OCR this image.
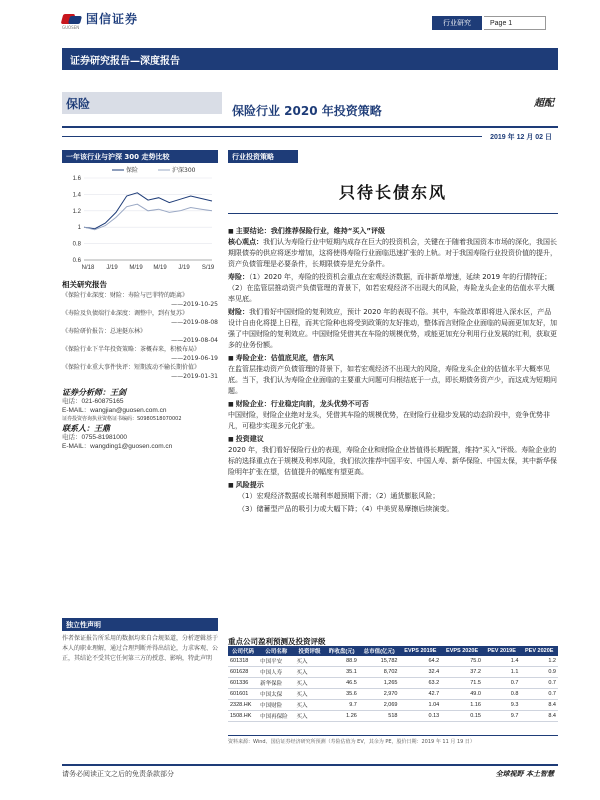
国信证券
GUOSEN
行业研究	Page 1
证券研究报告—深度报告
保险
保险行业 2020 年投资策略
超配
2019 年 12 月 02 日
一年该行业与沪深 300 走势比较
0.6
0.8
1
1.2
1.4
1.6
N/18 J/19 M/19 M/19 J/19 S/19
保险	沪深300
相关研究报告
《保险行业深度：财险：寿险与巴菲特的距离》
——2019-10-25
《寿险及负债端行业深度：调整中，到有复苏》
——2019-08-08
《寿险研价报告：总速挺东林》
——2019-08-04
《保险行业下半年投资策略：茶概春来，积极布局》
——2019-06-19
《保险行业重大事件快评：短期波动不输长期价值》
——2019-01-31
证券分析师：王剑
电话：021-60875165
E-MAIL：wangjian@guosen.com.cn
证券投资咨询执业资格证书编码：S0980518070002
联系人：王鼎
电话：0755-81981000
E-MAIL：wangding1@guosen.com.cn
独立性声明
作者保证报告所采用的数据均来自合规渠道，分析逻辑基于本人的职业理解，通过合理判断并得出结论，力求客观、公正，其结论不受其它任何第三方的授意、影响，特此声明
行业投资策略
只待长债东风
■ 主要结论：我们推荐保险行业，维持“买入”评级
核心观点：我们认为寿险行业中短期内成存在巨大的投资机会，关键在于随着我国资本市场的深化，我国长期限债券的供应将逐步增加，这将使得寿险行业面临迅速扩张的上轨。对于我国寿险行业投资价值的提升，资产负债管理是必要条件，长期限债券是充分条件。
寿险：（1）2020 年，寿险的投资机会重点在宏观经济数据，而非新单增速，延续 2019 年的行情特征；（2）在监管层推动资产负债管理的背景下，如若宏观经济不出现大的风险，寿险龙头企业的估值水平大概率见底。
财险：我们看好中国财险的复利效应，预计 2020 年的表现不俗。其中，车险改革即将进入深水区，产品设计自由化将提上日程，而其它险种也将受到政策的友好推动，整体而言财险企业面临的局面更加友好，加强了中国财险的复利效应。中国财险凭借其在车险的规模优势，或能更加充分利用行业发展的红利，获取更多的业务份额。
■ 寿险企业：估值底见底，借东风
在监管层推动资产负债管理的背景下，如若宏观经济不出现大的风险，寿险龙头企业的估值水平大概率见底。当下，我们认为寿险企业面临的主要重大问题可归根结底于一点，即长期债务资产少，而这成为短期问题。
■ 财险企业：行业稳定向前，龙头优势不可否
中国财险，财险企业绝对龙头，凭借其车险的规模优势，在财险行业稳步发展的动态阶段中，竞争优势非凡，可稳步实现多元化扩张。
■ 投资建议
2020 年，我们看好保险行业的表现，寿险企业和财险企业皆值得长期配置，维持“买入”评级。寿险企业的标的选择重点在于规模及利率风险，我们依次推荐中国平安、中国人寿、新华保险、中国太保，其中新华保险明年扩张在望，估值提升的幅度有望更高。
■ 风险提示
（1）宏观经济数据或长端利率超预期下滑；（2）通货膨胀风险；
（3）储蓄型产品的吸引力或大幅下降；（4）中美贸易摩擦后续演变。
重点公司盈利预测及投资评级
公司代码	公司名称	投资评级	昨收盘(元)	总市值(亿元)	EVPS 2019E	EVPS 2020E	PEV 2019E	PEV 2020E
601318	中国平安	买入	88.9	15,782	64.2	75.0	1.4	1.2
601628	中国人寿	买入	35.1	8,702	32.4	37.2	1.1	0.9
601336	新华保险	买入	46.5	1,265	63.2	71.5	0.7	0.7
601601	中国太保	买入	35.6	2,970	42.7	49.0	0.8	0.7
2328.HK	中国财险	买入	9.7	2,069	1.04	1.16	9.3	8.4
1508.HK	中国再保险	买入	1.26	518	0.13	0.15	9.7	8.4
资料来源：Wind、国信证券经济研究所预测（寿险估值为 EV，其余为 PE，股价日期：2019 年 11 月 19 日）
请务必阅读正文之后的免责条款部分	全球视野 本土智慧
